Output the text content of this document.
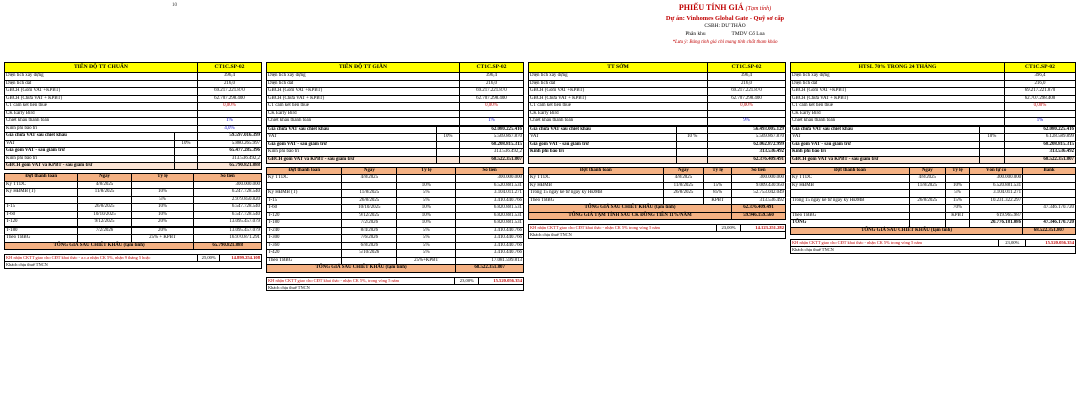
10	PHIẾU TÍNH GIÁ (Tạm tính)
Dự án: Vinhomes Global Gate - Quỹ sơ cấp
CSBH: DƯ THẢO
Phân khu	TMDV Cổ Loa
*Lưu ý: Bảng tính giá chỉ mang tính chất tham khảo
TIẾN ĐỘ TT CHUẨN		CT1C.SP-02
Diện tích xây dựng		396,4
Diện tích đất		216,0
GBCH (Gồm VAT +KPBT)		69.217.221.870
GBCH (Chưa VAT + KPBT)		62.707.298.400
CT cam kết tiền thuê		0,00%
CK Early Bird		
Chiết khấu thanh toán		1%
Kinh phí bảo trì		4,0%
Giá chưa VAT sau chiết khấu		59.597.016.399
VAT	10%	5.880.265.997
Giá gồm VAT - sau giảm trừ		65.477.285.396
Kinh phí bảo trì		313.536.492,2
GBCH gồm VAT và KPBT - sau giảm trừ		65.790.821.888
Đợt thanh toán	Ngày	Tỷ lệ	Số tiền
Ký TTDC	4/8/2025		300.000.000
Ký HĐMB (T)	11/8/2025	10%	6.247.728.540
		5%	2.979.850.820
T-15	26/8/2025	10%	6.547.728.540
T-60	10/10/2025	10%	6.547.728.540
T-120	9/12/2025	20%	13.095.457.079

T-180	7/2/2026	20%	13.095.457.079
Theo TBBG		25% + KPBT	16.970.871.291
TỔNG GIÁ SAU CHIẾT KHẤU (tạm tính)			65.790.821.888
KH nhận CKTT giao cho CĐT khai thác - a.c.a nhận CK 5%, nhận 9 tháng 5 hoặc	25,00%	14.899.254.108
Khách chịu thuế TNCN
TIẾN ĐỘ TT GIÃN		CT1C.SP-02
Diện tích xây dựng		396,4
Diện tích đất		216,0
GBCH (Gồm VAT +KPBT)		69.217.221.870
GBCH (Chưa VAT + KPBT)		62.707.298.400
CT cam kết tiền thuê		0,00%
CK Early Bird		
Chiết khấu thanh toán		1%

Giá chưa VAT sau chiết khấu		62.080.225.416
VAT	10%	5.569.867.870
Giá gồm VAT - sau giảm trừ		68.208.815.315
Kinh phí bảo trì		313.536.492,2
GBCH gồm VAT và KPBT - sau giảm trừ		68.522.351.807
Đợt thanh toán	Ngày	Tỷ lệ	Số tiền
Ký TTDC	4/8/2025		300.000.000
		10%	6.520.881.531
Ký HĐMB (T)	11/8/2025	5%	3.104.011.271
T-15	26/8/2025	5%	3.410.440.766
T-60	10/10/2025	10%	6.820.881.531
T-120	9/12/2025	10%	6.820.881.531
T-180	7/2/2026	10%	6.820.881.531
T-240	8/4/2026	5%	3.410.440.766
T-300	7/6/2026	5%	3.410.440.766
T-360	6/8/2026	5%	3.410.440.766
T-420	5/10/2026	5%	3.410.440.766
Theo TBBG		25%+KPBT	17.081.599.813
TỔNG GIÁ SAU CHIẾT KHẤU (tạm tính)			68.522.351.807
KH nhận CKTT giao cho CĐT khai thác - nhận CK 5%, trong vòng 5 năm	23,00%	15.520.056.354
Khách chịu thuế TNCN
TT SỚM		CT1C.SP-02
Diện tích xây dựng		396,4
Diện tích đất		216,0
GBCH (Gồm VAT +KPBT)		69.217.221.870
GBCH (Chưa VAT + KPBT)		62.707.298.400
CT cam kết tiền thuê		0,00%
CK Early Bird		
Chiết khấu thanh toán		9%

Giá chưa VAT sau chiết khấu		56.493.005.129
VAT	10 %	5.569.867.870
Giá gồm VAT - sau giảm trừ		62.062.872.999
Kinh phí bảo trì		313.536.492
		62.376.409.491
Đợt thanh toán	Ngày	Tỷ lệ	Số tiền
Ký TTDC	4/8/2025		300.000.000
Ký HĐMB	11/8/2025	15%	9.009.430.950
Trong 15 ngày kể từ ngày ký HĐMB	26/8/2025	85%	52.753.042.049
Theo TBBG		KPBT	313.536.492
TỔNG GIÁ SAU CHIẾT KHẤU (tạm tính)			62.376.409.491
TỔNG GIÁ TẠM TÍNH SAU CK ĐỒNG TIỀN 11%/NĂM			59.946.159.560
KH nhận CKTT giao cho CĐT khai thác - nhận CK 5% trong vòng 5 năm	23,00%	14.123.251.282
Khách chịu thuế TNCN
HTSL 70% TRONG 24 THÁNG		CT1C.SP-02
Diện tích xây dựng		396,4
Diện tích đất		216,0
GBCH (Gồm VAT +KPBT)		69.217.221.870
GBCH (Chưa VAT + KPBT)		62.707.298.400
CT cam kết tiền thuê		0,00%
CK Early Bird		
Chiết khấu thanh toán		1%

Giá chưa VAT sau chiết khấu		62.080.225.416
VAT	10%	6.128.589.899
Giá gồm VAT - sau giảm trừ		68.208.815.315
Kinh phí bảo trì		313.536.492
GBCH gồm VAT và KPBT - sau giảm trừ		68.522.351.807
Đợt thanh toán	Ngày	Tỷ lệ	Vốn tự có	Bank
Ký TTDC	4/8/2025		300.000.000	
Ký HĐMB	11/8/2025	10%	6.520.881.531	
		5%	3.104.011.271	
Trong 15 ngày kể từ ngày ký HĐMB	26/8/2025	15%	10.231.322.297	
		70%		47.346.170.720
Theo TBBG		KPBT	619.965.987	
TỔNG			20.776.181.086	47.346.170.720
TỔNG GIÁ SAU CHIẾT KHẤU (tạm tính)				68.522.351.807
KH nhận CKTT giao cho CĐT khai thác - nhận CK 5% trong vòng 5 năm	23,00%	15.520.056.354
Khách chịu thuế TNCN
